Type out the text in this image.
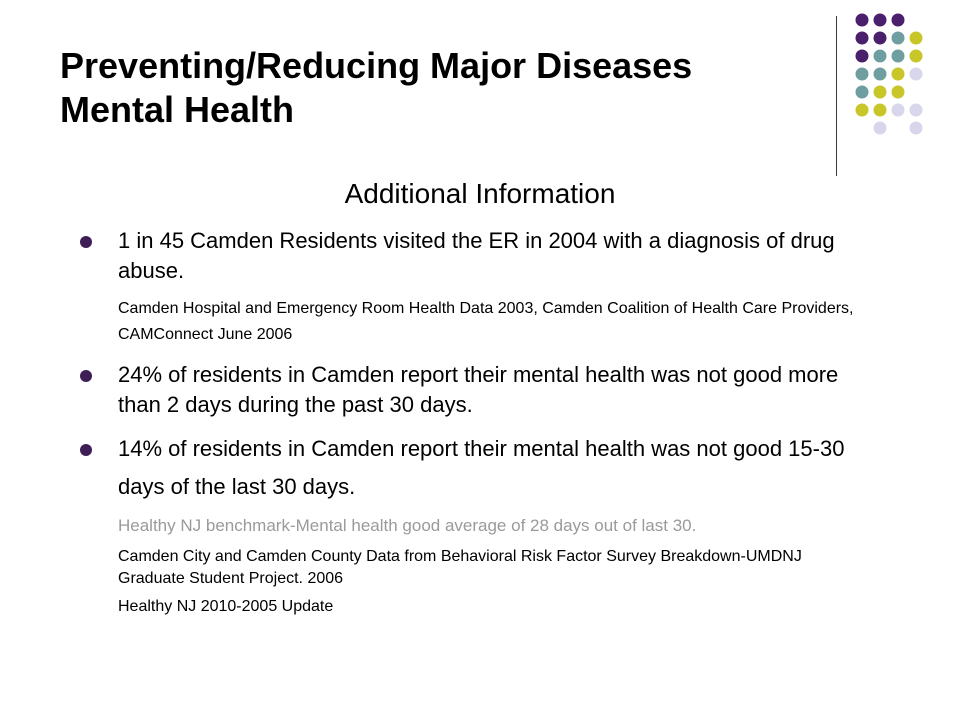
Preventing/Reducing Major Diseases
Mental Health
Additional Information
1 in 45 Camden Residents visited the ER in 2004 with a diagnosis of drug abuse.
Camden Hospital and Emergency Room Health Data 2003, Camden Coalition of Health Care Providers, CAMConnect June 2006
24% of residents in Camden report their mental health was not good more than 2 days during the past 30 days.
14% of residents in Camden report their mental health was not good 15-30 days of the last 30 days.
Healthy NJ benchmark-Mental health good average of 28 days out of last 30.
Camden City and Camden County Data from Behavioral Risk Factor Survey Breakdown-UMDNJ Graduate Student Project. 2006
Healthy NJ 2010-2005 Update
